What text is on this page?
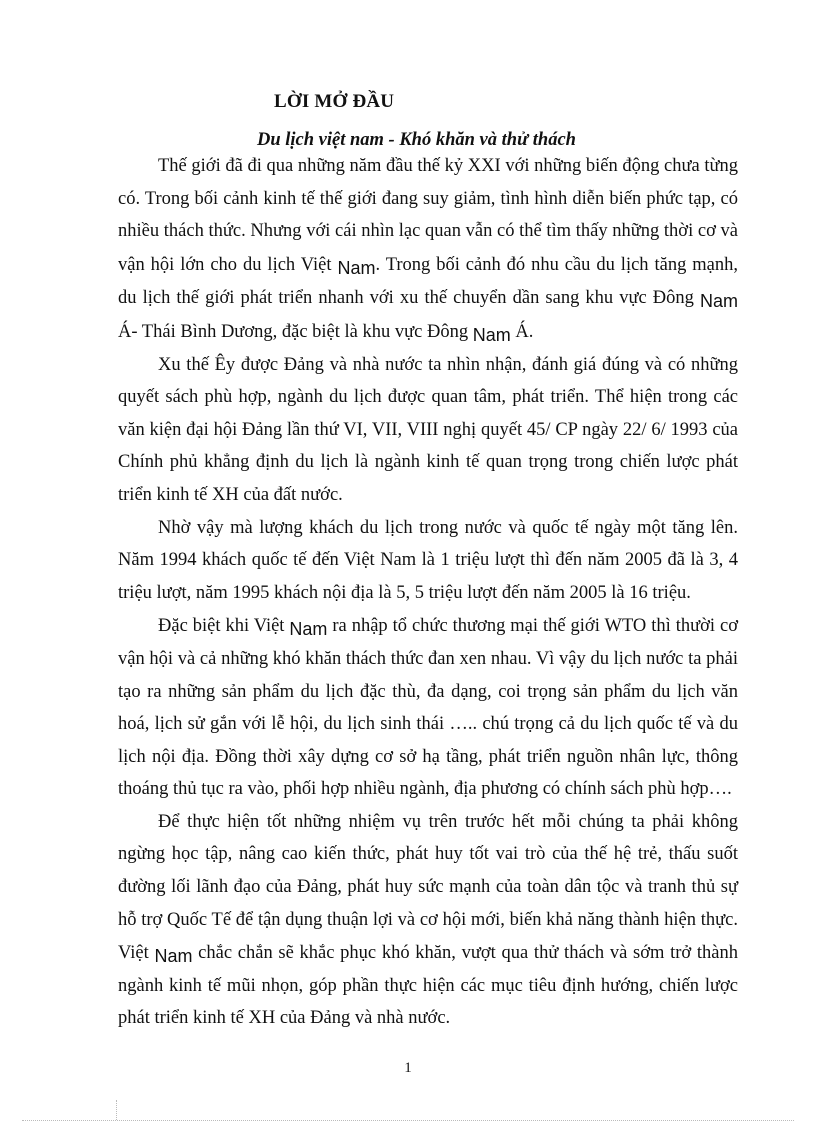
LỜI MỞ ĐẦU
Du lịch việt nam - Khó khăn và thử thách

Thế giới đã đi qua những năm đầu thế kỷ XXI với những biến động chưa từng có. Trong bối cảnh kinh tế thế giới đang suy giảm, tình hình diễn biến phức tạp, có nhiều thách thức. Nhưng với cái nhìn lạc quan vẫn có thể tìm thấy những thời cơ và vận hội lớn cho du lịch Việt Nam. Trong bối cảnh đó nhu cầu du lịch tăng mạnh, du lịch thế giới phát triển nhanh với xu thế chuyển dần sang khu vực Đông Nam Á- Thái Bình Dương, đặc biệt là khu vực Đông Nam Á.

Xu thế Êy được Đảng và nhà nước ta nhìn nhận, đánh giá đúng và có những quyết sách phù hợp, ngành du lịch được quan tâm, phát triển. Thể hiện trong các văn kiện đại hội Đảng lần thứ VI, VII, VIII nghị quyết 45/ CP ngày 22/ 6/ 1993 của Chính phủ khẳng định du lịch là ngành kinh tế quan trọng trong chiến lược phát triển kinh tế XH của đất nước.

Nhờ vậy mà lượng khách du lịch trong nước và quốc tế ngày một tăng lên. Năm 1994 khách quốc tế đến Việt Nam là 1 triệu lượt thì đến năm 2005 đã là 3, 4 triệu lượt, năm 1995 khách nội địa là 5, 5 triệu lượt đến năm 2005 là 16 triệu.

Đặc biệt khi Việt Nam ra nhập tổ chức thương mại thế giới WTO thì thười cơ vận hội và cả những khó khăn thách thức đan xen nhau. Vì vậy du lịch nước ta phải tạo ra những sản phẩm du lịch đặc thù, đa dạng, coi trọng sản phẩm du lịch văn hoá, lịch sử gắn với lễ hội, du lịch sinh thái ….. chú trọng cả du lịch quốc tế và du lịch nội địa. Đồng thời xây dựng cơ sở hạ tầng, phát triển nguồn nhân lực, thông thoáng thủ tục ra vào, phối hợp nhiều ngành, địa phương có chính sách phù hợp….

Để thực hiện tốt những nhiệm vụ trên trước hết mỗi chúng ta phải không ngừng học tập, nâng cao kiến thức, phát huy tốt vai trò của thế hệ trẻ, thấu suốt đường lối lãnh đạo của Đảng, phát huy sức mạnh của toàn dân tộc và tranh thủ sự hỗ trợ Quốc Tế để tận dụng thuận lợi và cơ hội mới, biến khả năng thành hiện thực. Việt Nam chắc chắn sẽ khắc phục khó khăn, vượt qua thử thách và sớm trở thành ngành kinh tế mũi nhọn, góp phần thực hiện các mục tiêu định hướng, chiến lược phát triển kinh tế XH của Đảng và nhà nước.

1
